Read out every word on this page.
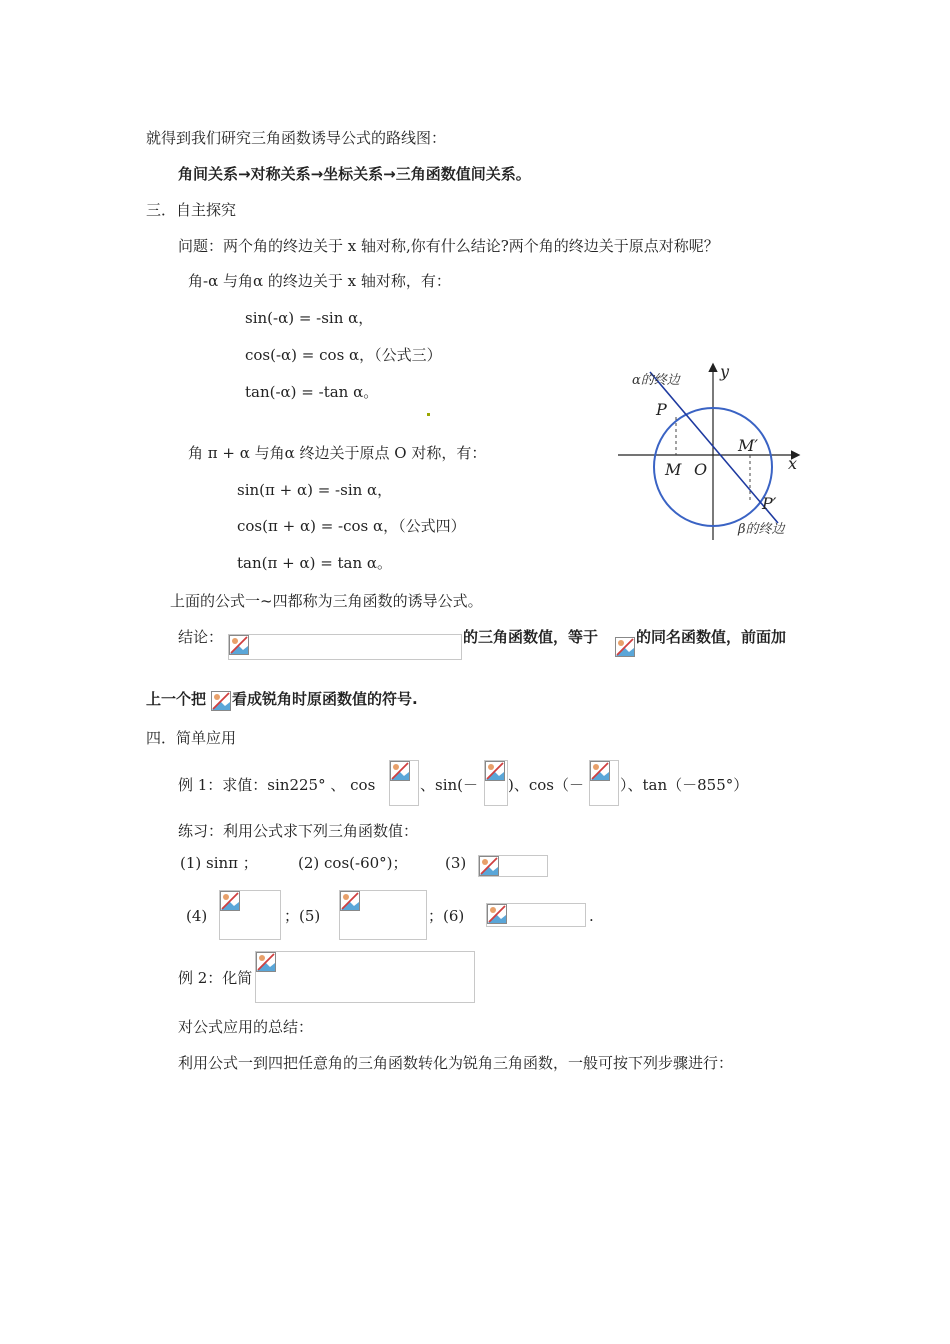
就得到我们研究三角函数诱导公式的路线图：
角间关系→对称关系→坐标关系→三角函数值间关系。
三．自主探究
问题：两个角的终边关于 x 轴对称,你有什么结论?两个角的终边关于原点对称呢？
角-α 与角α 的终边关于 x 轴对称，有：
sin(-α) = -sin α，
cos(-α) = cos α，（公式三）
tan(-α) = -tan α。
角 π + α 与角α 终边关于原点 O 对称，有：
sin(π + α) = -sin α，
cos(π + α) = -cos α，（公式四）
tan(π + α) = tan α。
上面的公式一~四都称为三角函数的诱导公式。
结论：	的三角函数值，等于	的同名函数值，前面加
上一个把 看成锐角时原函数值的符号.
四．简单应用
例 1：求值：sin225° 、 cos	、sin(－ )、cos（－ ）、tan（－855°）
练习：利用公式求下列三角函数值：
(1) sinπ ；	(2) cos(-60°)； (3)
(4)	；(5)	；(6)	.
例 2：化简
对公式应用的总结：
利用公式一到四把任意角的三角函数转化为锐角三角函数，一般可按下列步骤进行：
α的终边
β的终边
y
x
P
P′
M
M′
O
